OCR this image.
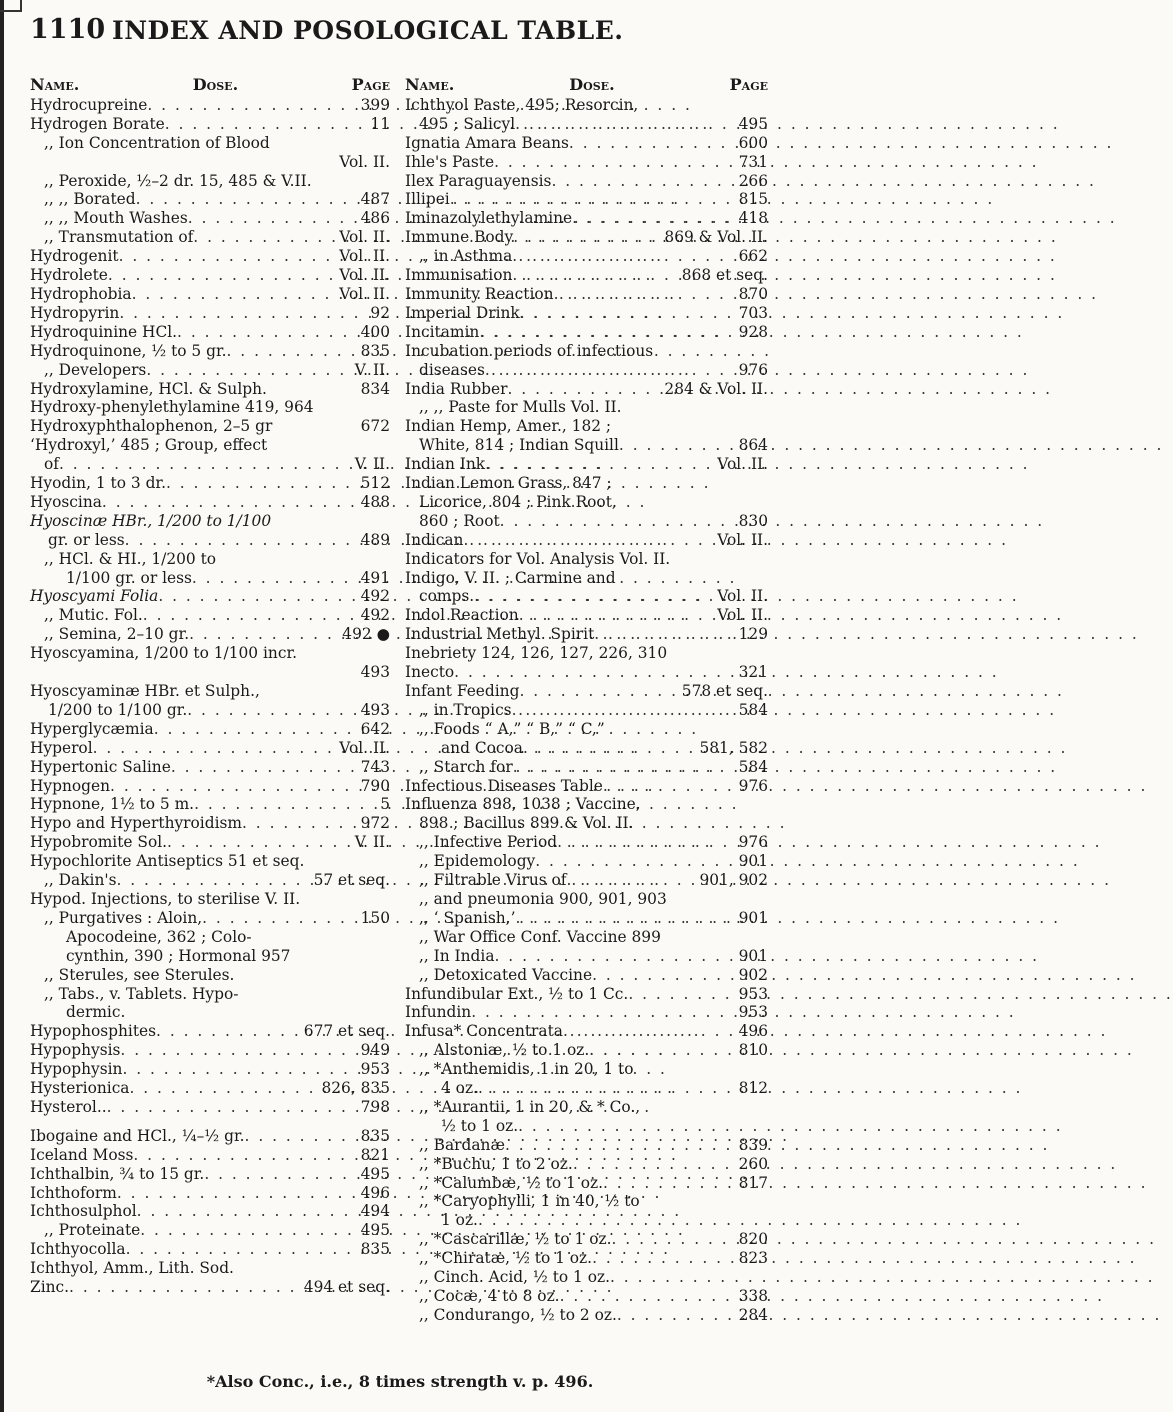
1110 INDEX AND POSOLOGICAL TABLE.
Name.	Dose.	Page
Hydrocupreine . . .	399
Hydrogen Borate . . .	11
,, Ion Concentration of Blood
Vol. II.
,, Peroxide, ½–2 dr. 15, 485 & V.II.
,, ,, Borated . . .	487
,, ,, Mouth Washes . . .	486
,, Transmutation of . . .	Vol. II.
Hydrogenit . . .	Vol. II.
Hydrolete . . .	Vol. II.
Hydrophobia . . .	Vol. II.
Hydropyrin . . .	92
Hydroquinine HCl. . . .	400
Hydroquinone, ½ to 5 gr. . . .	835
,, Developers . . .	V. II.
Hydroxylamine, HCl. & Sulph.	834
Hydroxy-phenylethylamine 419, 964
Hydroxyphthalophenon, 2–5 gr	672
‘Hydroxyl,’ 485 ; Group, effect
of . . .	V. II.
Hyodin, 1 to 3 dr. . . .	512
Hyoscina . . .	488
Hyoscinæ HBr., 1/200 to 1/100
gr. or less . . .	489
,, HCl. & HI., 1/200 to
1/100 gr. or less . . .	491
Hyoscyami Folia . . .	492
,, Mutic. Fol. . . .	492
,, Semina, 2–10 gr. . . .	492 ●
Hyoscyamina, 1/200 to 1/100 incr.
493
Hyoscyaminæ HBr. et Sulph.,
1/200 to 1/100 gr. . . .	493
Hyperglycæmia . . .	642
Hyperol . . .	Vol. II.
Hypertonic Saline . . .	743
Hypnogen . . .	790
Hypnone, 1½ to 5 m. . . .	5
Hypo and Hyperthyroidism . . .	972
Hypobromite Sol. . . .	V. II.
Hypochlorite Antiseptics 51 et seq.
,, Dakin's . . .	57 et seq.
Hypod. Injections, to sterilise V. II.
,, Purgatives : Aloin, . . .	150
Apocodeine, 362 ; Colo-
cynthin, 390 ; Hormonal 957
,, Sterules, see Sterules.
,, Tabs., v. Tablets. Hypo-
dermic.
Hypophosphites . . .	677 et seq.
Hypophysis . . .	949
Hypophysin . . .	953
Hysterionica . . .	826, 835
Hysterol.. . . .	798
Ibogaine and HCl., ¼–½ gr. . . .	835
Iceland Moss . . .	821
Ichthalbin, ¾ to 15 gr. . . .	495
Ichthoform . . .	496
Ichthosulphol . . .	494
,, Proteinate . . .	495
Ichthyocolla . . .	835
Ichthyol, Amm., Lith. Sod.
Zinc. . . .	494 et seq.
Name.	Dose.	Page
Ichthyol Paste, 495; Resorcin,
495 ; Salicyl . . .	495
Ignatia Amara Beans . . .	600
Ihle's Paste . . .	731
Ilex Paraguayensis . . .	266
Illipei . . .	815
Iminazolylethylamine . . .	418
Immune Body . . .	869 & Vol. II.
,, in Asthma . . .	662
Immunisation . . .	868 et seq.
Immunity Reaction . . .	870
Imperial Drink . . .	703
Incitamin . . .	928
Incubation periods of infectious
diseases . . .	976
India Rubber . . .	284 & Vol. II.
,, ,, Paste for Mulls Vol. II.
Indian Hemp, Amer., 182 ;
White, 814 ; Indian Squill . . .	864
Indian Ink . . .	Vol. II.
Indian Lemon Grass, 847 ;
Licorice, 804 ; Pink Root,
860 ; Root . . .	830
Indican . . .	Vol. II.
Indicators for Vol. Analysis Vol. II.
Indigo, V. II. ; Carmine and
comps. . . .	Vol. II.
Indol Reaction . . .	Vol. II.
Industrial Methyl. Spirit . . .	129
Inebriety 124, 126, 127, 226, 310
Inecto . . .	321
Infant Feeding . . .	578 et seq.
,, in Tropics . . .	584
,, Foods “ A,” “ B,” “ C,”
and Cocoa . . .	581, 582
,, Starch for . . .	584
Infectious Diseases Table . . .	976
Influenza 898, 1038 ; Vaccine,
898 ; Bacillus 899 & Vol. II.
,, Infective Period . . .	976
,, Epidemology . . .	901
,, Filtrable Virus of . . .	901, 902
,, and pneumonia 900, 901, 903
,, ‘ Spanish,’ . . .	901
,, War Office Conf. Vaccine 899
,, In India . . .	901
,, Detoxicated Vaccine . . .	902
Infundibular Ext., ½ to 1 Cc. . . .	953
Infundin . . .	953
Infusa* Concentrata . . .	496
,, Alstoniæ, ½ to 1 oz. . . .	810
,, *Anthemidis, 1 in 20, 1 to
4 oz. . . .	812
,, *Aurantii, 1 in 20, & * Co.,
½ to 1 oz.
. . .
,, Bardanæ . . .	839
,, *Buchu, 1 to 2 oz. . . .	260
,, *Calumbæ, ½ to 1 oz. . . .	817
,, *Caryophylli, 1 in 40, ½ to
1 oz.
. . .
,, *Cascarillæ, ½ to 1 oz. . . .	820
,, *Chiratæ, ½ to 1 oz. . . .	823
,, Cinch. Acid, ½ to 1 oz.
. . .
,, Cocæ, 4 to 8 oz. . . .	338
,, Condurango, ½ to 2 oz. . . .	284
*Also Conc., i.e., 8 times strength v. p. 496.
